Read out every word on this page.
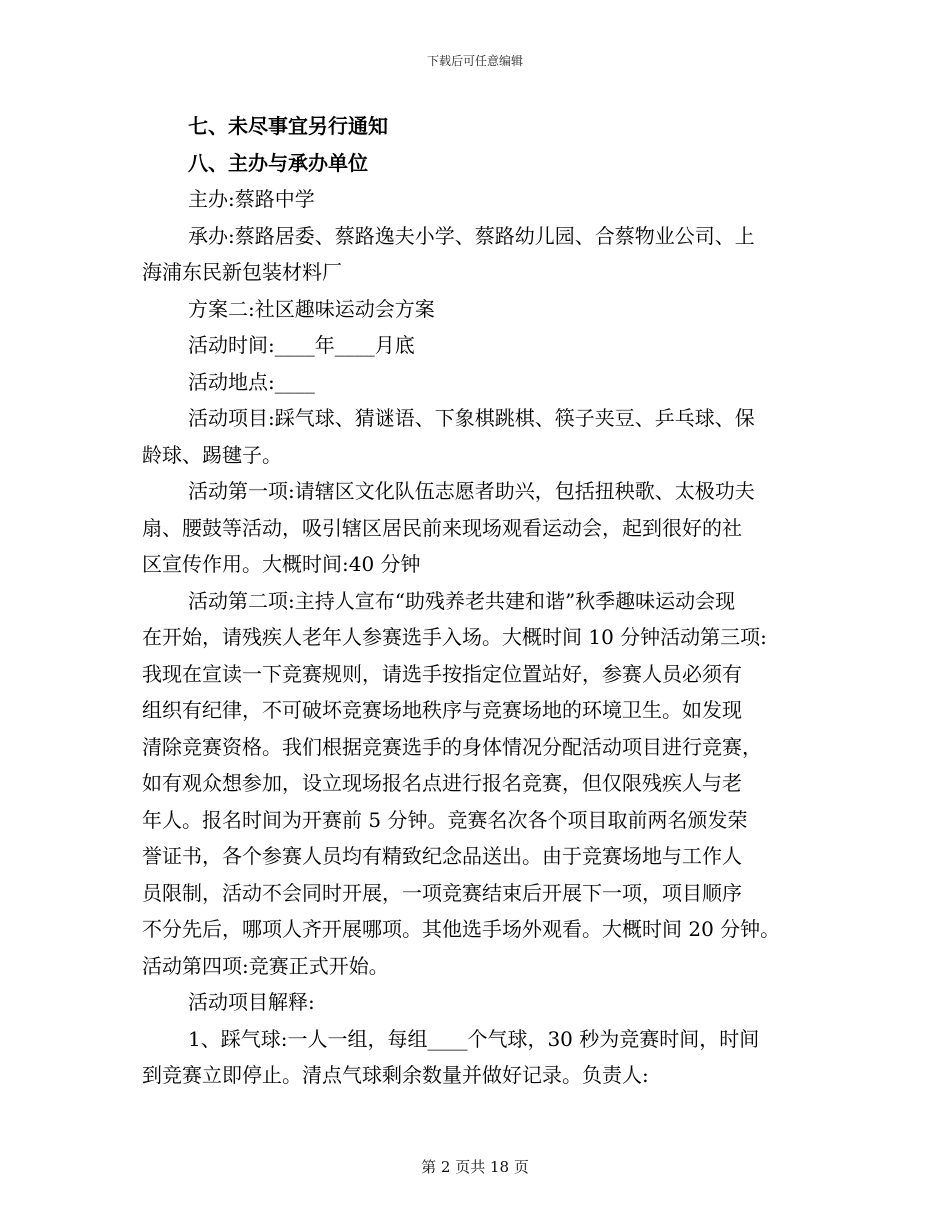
下载后可任意编辑
七、未尽事宜另行通知
八、主办与承办单位
主办:蔡路中学
承办:蔡路居委、蔡路逸夫小学、蔡路幼儿园、合蔡物业公司、上
海浦东民新包装材料厂
方案二:社区趣味运动会方案
活动时间:____年____月底
活动地点:____
活动项目:踩气球、猜谜语、下象棋跳棋、筷子夹豆、乒乓球、保
龄球、踢毽子。
活动第一项:请辖区文化队伍志愿者助兴，包括扭秧歌、太极功夫
扇、腰鼓等活动，吸引辖区居民前来现场观看运动会，起到很好的社
区宣传作用。大概时间:40 分钟
活动第二项:主持人宣布“助残养老共建和谐”秋季趣味运动会现
在开始，请残疾人老年人参赛选手入场。大概时间 10 分钟活动第三项:
我现在宣读一下竞赛规则，请选手按指定位置站好，参赛人员必须有
组织有纪律，不可破坏竞赛场地秩序与竞赛场地的环境卫生。如发现
清除竞赛资格。我们根据竞赛选手的身体情况分配活动项目进行竞赛，
如有观众想参加，设立现场报名点进行报名竞赛，但仅限残疾人与老
年人。报名时间为开赛前 5 分钟。竞赛名次各个项目取前两名颁发荣
誉证书，各个参赛人员均有精致纪念品送出。由于竞赛场地与工作人
员限制，活动不会同时开展，一项竞赛结束后开展下一项，项目顺序
不分先后，哪项人齐开展哪项。其他选手场外观看。大概时间 20 分钟。
活动第四项:竞赛正式开始。
活动项目解释:
1、踩气球:一人一组，每组____个气球，30 秒为竞赛时间，时间
到竞赛立即停止。清点气球剩余数量并做好记录。负责人:
第 2 页共 18 页
